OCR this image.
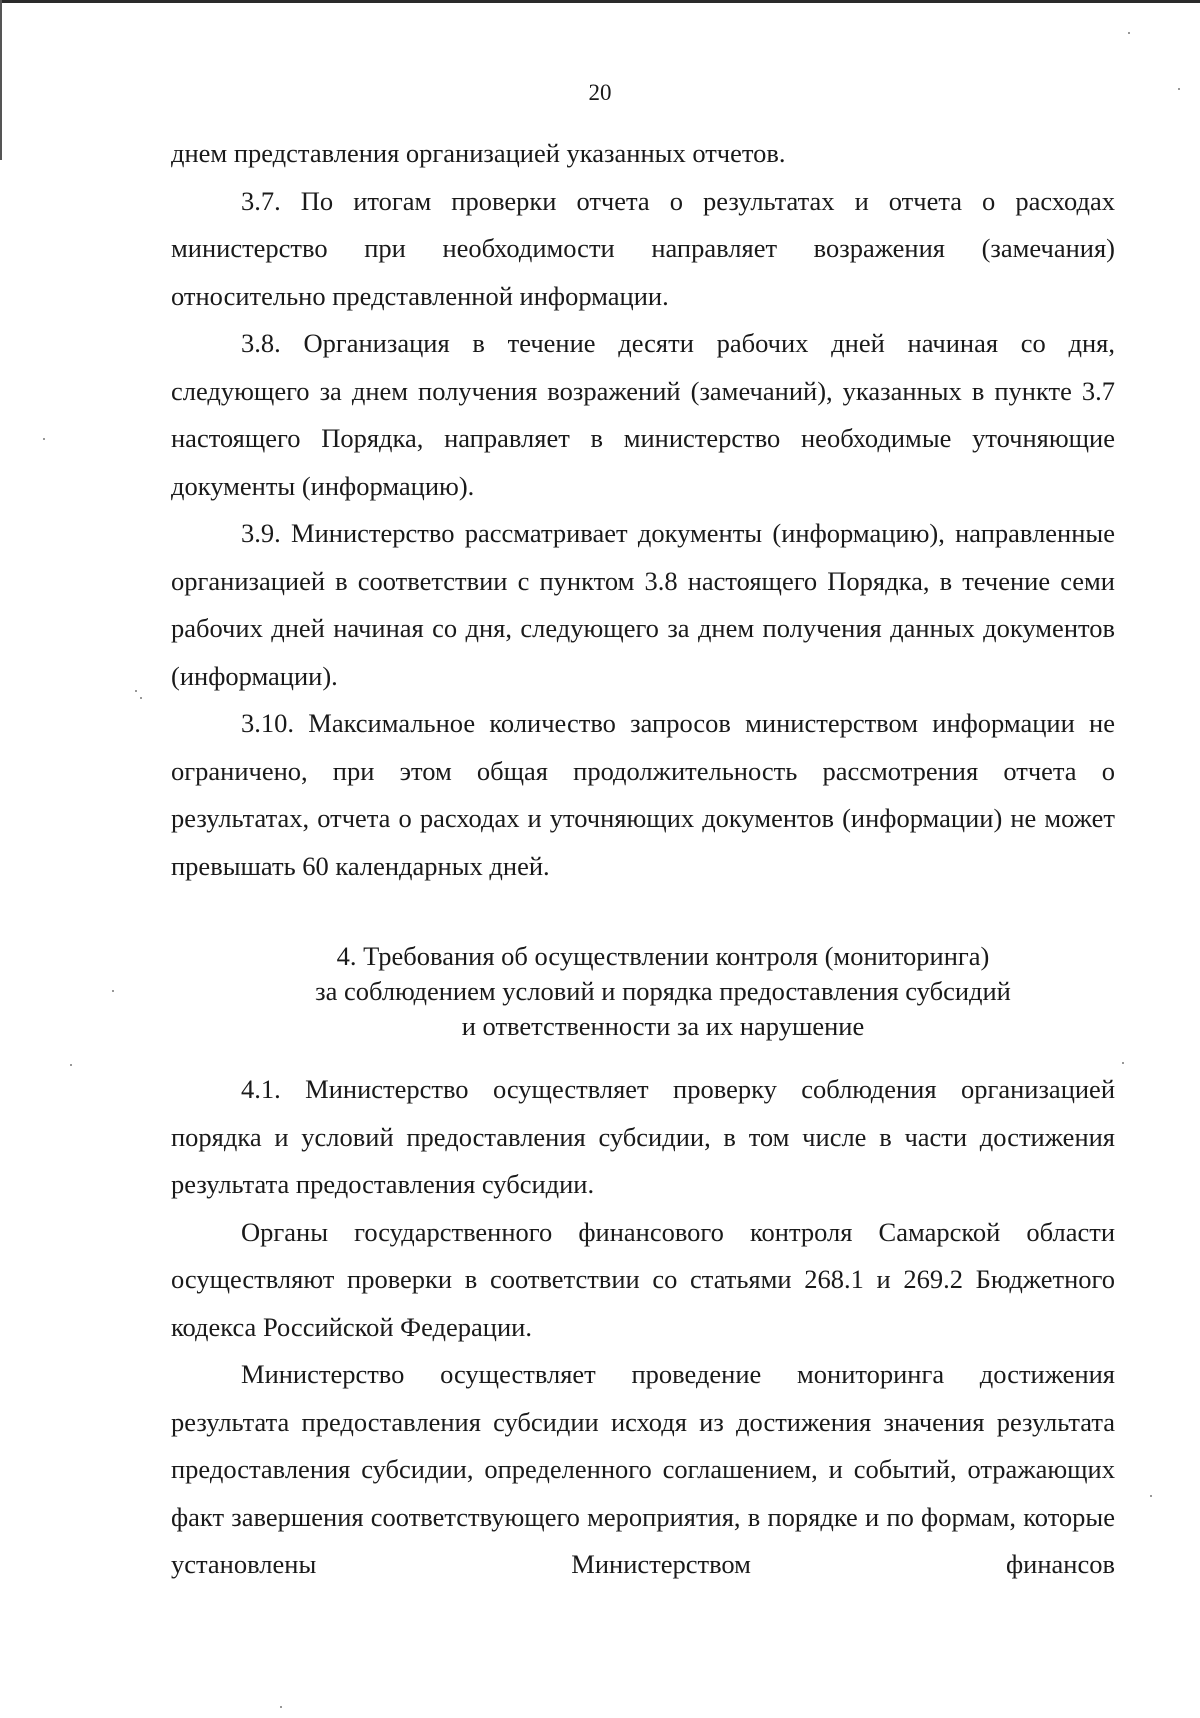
20

днем представления организацией указанных отчетов.

3.7. По итогам проверки отчета о результатах и отчета о расходах министерство при необходимости направляет возражения (замечания) относительно представленной информации.

3.8. Организация в течение десяти рабочих дней начиная со дня, следующего за днем получения возражений (замечаний), указанных в пункте 3.7 настоящего Порядка, направляет в министерство необходимые уточняющие документы (информацию).

3.9. Министерство рассматривает документы (информацию), направленные организацией в соответствии с пунктом 3.8 настоящего Порядка, в течение семи рабочих дней начиная со дня, следующего за днем получения данных документов (информации).

3.10. Максимальное количество запросов министерством информации не ограничено, при этом общая продолжительность рассмотрения отчета о результатах, отчета о расходах и уточняющих документов (информации) не может превышать 60 календарных дней.

4. Требования об осуществлении контроля (мониторинга)
за соблюдением условий и порядка предоставления субсидий
и ответственности за их нарушение

4.1. Министерство осуществляет проверку соблюдения организацией порядка и условий предоставления субсидии, в том числе в части достижения результата предоставления субсидии.

Органы государственного финансового контроля Самарской области осуществляют проверки в соответствии со статьями 268.1 и 269.2 Бюджетного кодекса Российской Федерации.

Министерство осуществляет проведение мониторинга достижения результата предоставления субсидии исходя из достижения значения результата предоставления субсидии, определенного соглашением, и событий, отражающих факт завершения соответствующего мероприятия, в порядке и по формам, которые установлены Министерством финансов
